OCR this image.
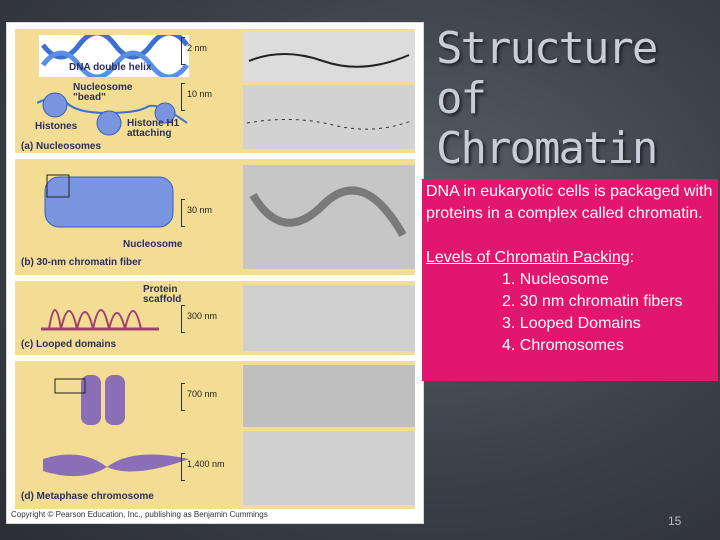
DNA double helix
Nucleosome "bead"
Histones	Histone H1 attaching
(a) Nucleosomes
2 nm
10 nm
Nucleosome
(b) 30-nm chromatin fiber
30 nm
Protein scaffold
(c) Looped domains
300 nm
(d) Metaphase chromosome
700 nm
1,400 nm
Copyright © Pearson Education, Inc., publishing as Benjamin Cummings
Structure of Chromatin

DNA in eukaryotic cells is packaged with proteins in a complex called chromatin.

Levels of Chromatin Packing:
1. Nucleosome
2. 30 nm chromatin fibers
3. Looped Domains
4. Chromosomes
15
